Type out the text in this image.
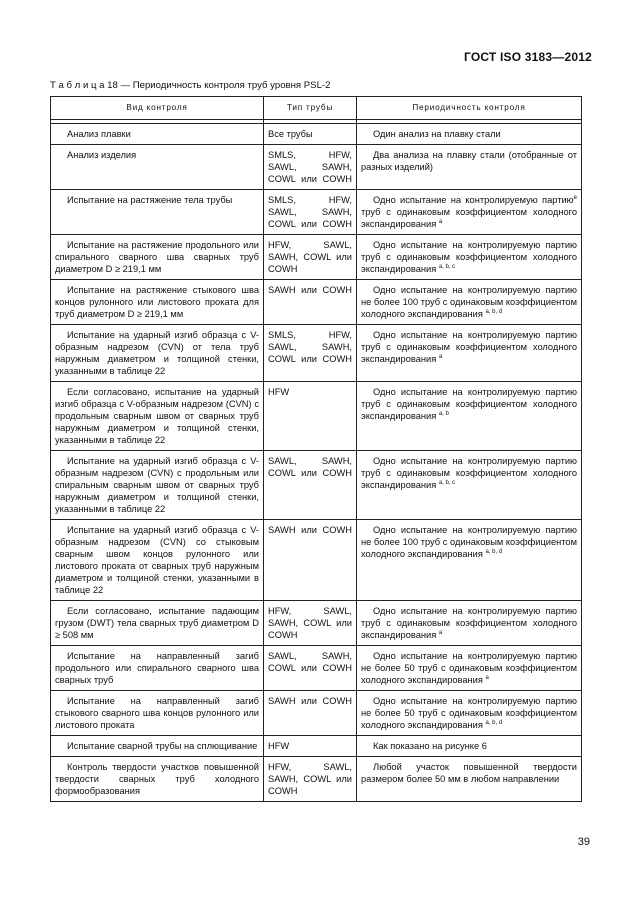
ГОСТ ISO 3183—2012
Т а б л и ц а 18 — Периодичность контроля труб уровня PSL-2
Вид контроля	Тип трубы	Периодичность контроля

Анализ плавки	Все трубы	Один анализ на плавку стали
Анализ изделия	SMLS, HFW, SAWL, SAWH, COWL или COWH	Два анализа на плавку стали (отобранные от разных изделий)
Испытание на растяжение тела трубы	SMLS, HFW, SAWL, SAWH, COWL или COWH	Одно испытание на контролируемую партию$^e$ труб с одинаковым коэффициентом холодного экспандирования $^a$
Испытание на растяжение продольного или спирального сварного шва сварных труб диаметром D ≥ 219,1 мм	HFW, SAWL, SAWH, COWL или COWH	Одно испытание на контролируемую партию труб с одинаковым коэффициентом холодного экспандирования $^{a, b, c}$
Испытание на растяжение стыкового шва концов рулонного или листового проката для труб диаметром D ≥ 219,1 мм	SAWH или COWH	Одно испытание на контролируемую партию не более 100 труб с одинаковым коэффициентом холодного экспандирования $^{a, b, d}$
Испытание на ударный изгиб образца с V-образным надрезом (CVN) от тела труб наружным диаметром и толщиной стенки, указанными в таблице 22	SMLS, HFW, SAWL, SAWH, COWL или COWH	Одно испытание на контролируемую партию труб с одинаковым коэффициентом холодного экспандирования $^a$
Если согласовано, испытание на ударный изгиб образца с V-образным надрезом (CVN) с продольным сварным швом от сварных труб наружным диаметром и толщиной стенки, указанными в таблице 22	HFW	Одно испытание на контролируемую партию труб с одинаковым коэффициентом холодного экспандирования $^{a, b}$
Испытание на ударный изгиб образца с V-образным надрезом (CVN) с продольным или спиральным сварным швом от сварных труб наружным диаметром и толщиной стенки, указанными в таблице 22	SAWL, SAWH, COWL или COWH	Одно испытание на контролируемую партию труб с одинаковым коэффициентом холодного экспандирования $^{a, b, c}$
Испытание на ударный изгиб образца с V-образным надрезом (CVN) со стыковым сварным швом концов рулонного или листового проката от сварных труб наружным диаметром и толщиной стенки, указанными в таблице 22	SAWH или COWH	Одно испытание на контролируемую партию не более 100 труб с одинаковым коэффициентом холодного экспандирования $^{a, b, d}$
Если согласовано, испытание падающим грузом (DWT) тела сварных труб диаметром D ≥ 508 мм	HFW, SAWL, SAWH, COWL или COWH	Одно испытание на контролируемую партию труб с одинаковым коэффициентом холодного экспандирования $^a$
Испытание на направленный загиб продольного или спирального сварного шва сварных труб	SAWL, SAWH, COWL или COWH	Одно испытание на контролируемую партию не более 50 труб с одинаковым коэффициентом холодного экспандирования $^a$
Испытание на направленный загиб стыкового сварного шва концов рулонного или листового проката	SAWH или COWH	Одно испытание на контролируемую партию не более 50 труб с одинаковым коэффициентом холодного экспандирования $^{a, b, d}$
Испытание сварной трубы на сплющивание	HFW	Как показано на рисунке 6
Контроль твердости участков повышенной твердости сварных труб холодного формообразования	HFW, SAWL, SAWH, COWL или COWH	Любой участок повышенной твердости размером более 50 мм в любом направлении
39
